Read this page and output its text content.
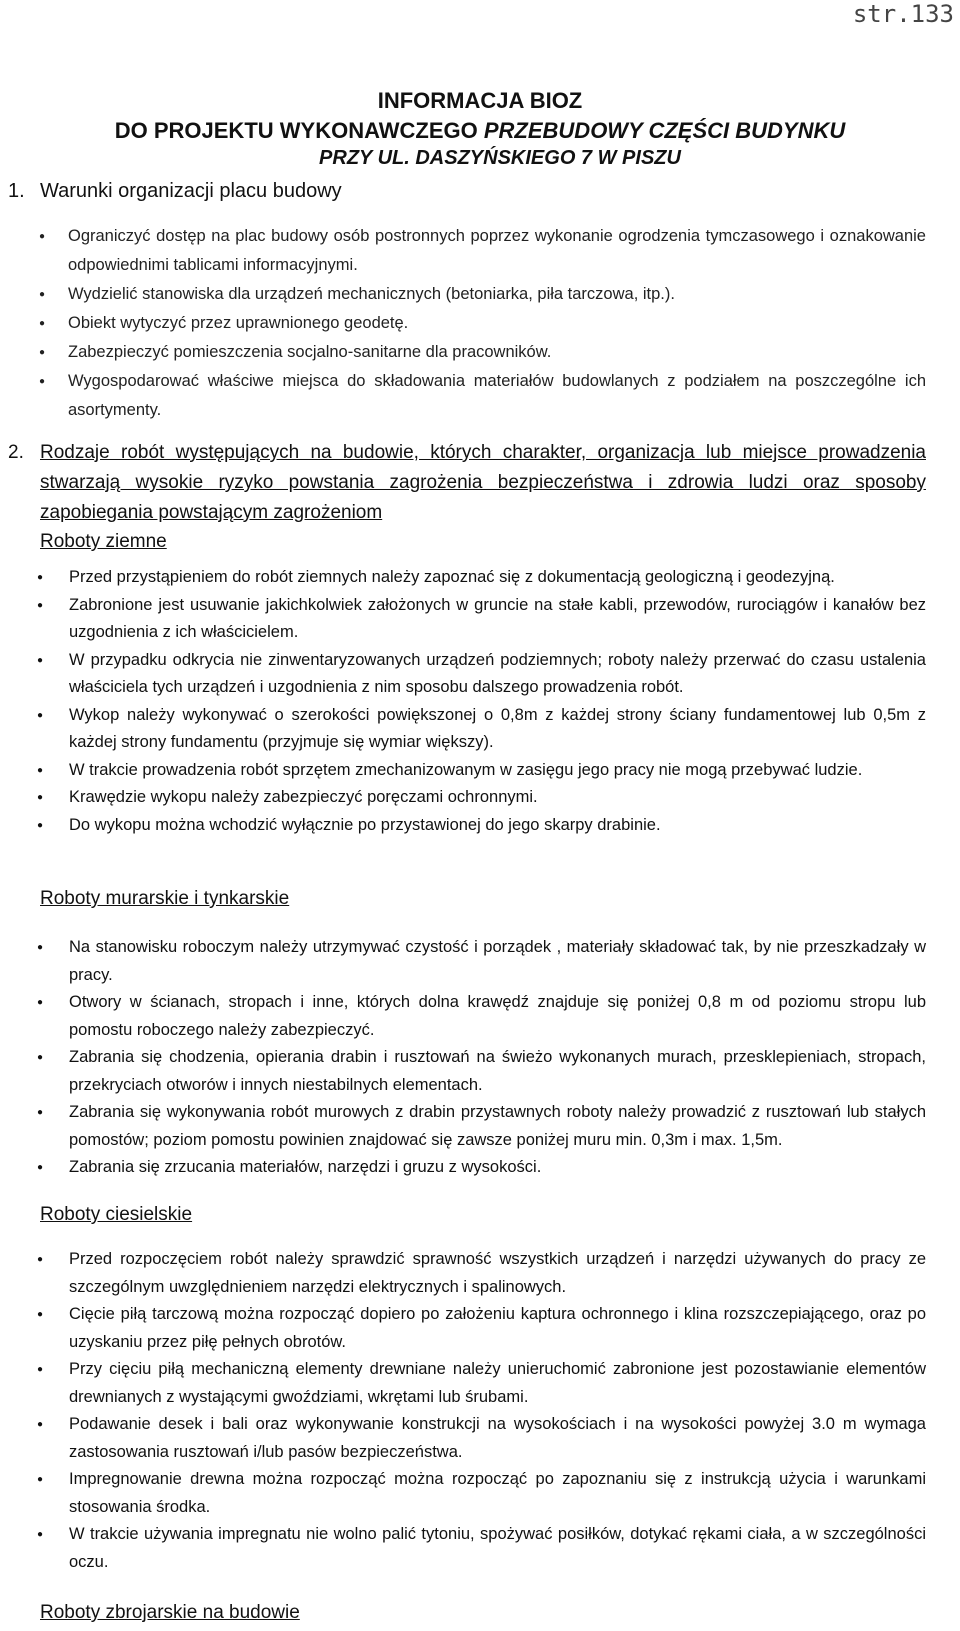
str.133
INFORMACJA BIOZ
DO PROJEKTU WYKONAWCZEGO PRZEBUDOWY CZĘŚCI BUDYNKU
PRZY UL. DASZYŃSKIEGO 7 W PISZU
1. Warunki organizacji placu budowy
● Ograniczyć dostęp na plac budowy osób postronnych poprzez wykonanie ogrodzenia tymczasowego i oznakowanie odpowiednimi tablicami informacyjnymi.
● Wydzielić stanowiska dla urządzeń mechanicznych (betoniarka, piła tarczowa, itp.).
● Obiekt wytyczyć przez uprawnionego geodetę.
● Zabezpieczyć pomieszczenia socjalno-sanitarne dla pracowników.
● Wygospodarować właściwe miejsca do składowania materiałów budowlanych z podziałem na poszczególne ich asortymenty.
2. Rodzaje robót występujących na budowie, których charakter, organizacja lub miejsce prowadzenia stwarzają wysokie ryzyko powstania zagrożenia bezpieczeństwa i zdrowia ludzi oraz sposoby zapobiegania powstającym zagrożeniom
Roboty ziemne
● Przed przystąpieniem do robót ziemnych należy zapoznać się z dokumentacją geologiczną i geodezyjną.
● Zabronione jest usuwanie jakichkolwiek założonych w gruncie na stałe kabli, przewodów, rurociągów i kanałów bez uzgodnienia z ich właścicielem.
● W przypadku odkrycia nie zinwentaryzowanych urządzeń podziemnych; roboty należy przerwać do czasu ustalenia właściciela tych urządzeń i uzgodnienia z nim sposobu dalszego prowadzenia robót.
● Wykop należy wykonywać o szerokości powiększonej o 0,8m z każdej strony ściany fundamentowej lub 0,5m z każdej strony fundamentu (przyjmuje się wymiar większy).
● W trakcie prowadzenia robót sprzętem zmechanizowanym w zasięgu jego pracy nie mogą przebywać ludzie.
● Krawędzie wykopu należy zabezpieczyć poręczami ochronnymi.
● Do wykopu można wchodzić wyłącznie po przystawionej do jego skarpy drabinie.
Roboty murarskie i tynkarskie
● Na stanowisku roboczym należy utrzymywać czystość i porządek , materiały składować tak, by nie przeszkadzały w pracy.
● Otwory w ścianach, stropach i inne, których dolna krawędź znajduje się poniżej 0,8 m od poziomu stropu lub pomostu roboczego należy zabezpieczyć.
● Zabrania się chodzenia, opierania drabin i rusztowań na świeżo wykonanych murach, przesklepieniach, stropach, przekryciach otworów i innych niestabilnych elementach.
● Zabrania się wykonywania robót murowych z drabin przystawnych roboty należy prowadzić z rusztowań lub stałych pomostów; poziom pomostu powinien znajdować się zawsze poniżej muru min. 0,3m i max. 1,5m.
● Zabrania się zrzucania materiałów, narzędzi i gruzu z wysokości.
Roboty ciesielskie
● Przed rozpoczęciem robót należy sprawdzić sprawność wszystkich urządzeń i narzędzi używanych do pracy ze szczególnym uwzględnieniem narzędzi elektrycznych i spalinowych.
● Cięcie piłą tarczową można rozpocząć dopiero po założeniu kaptura ochronnego i klina rozszczepiającego, oraz po uzyskaniu przez piłę pełnych obrotów.
● Przy cięciu piłą mechaniczną elementy drewniane należy unieruchomić zabronione jest pozostawianie elementów drewnianych z wystającymi gwoździami, wkrętami lub śrubami.
● Podawanie desek i bali oraz wykonywanie konstrukcji na wysokościach i na wysokości powyżej 3.0 m wymaga zastosowania rusztowań i/lub pasów bezpieczeństwa.
● Impregnowanie drewna można rozpocząć można rozpocząć po zapoznaniu się z instrukcją użycia i warunkami stosowania środka.
● W trakcie używania impregnatu nie wolno palić tytoniu, spożywać posiłków, dotykać rękami ciała, a w szczególności oczu.
Roboty zbrojarskie na budowie
